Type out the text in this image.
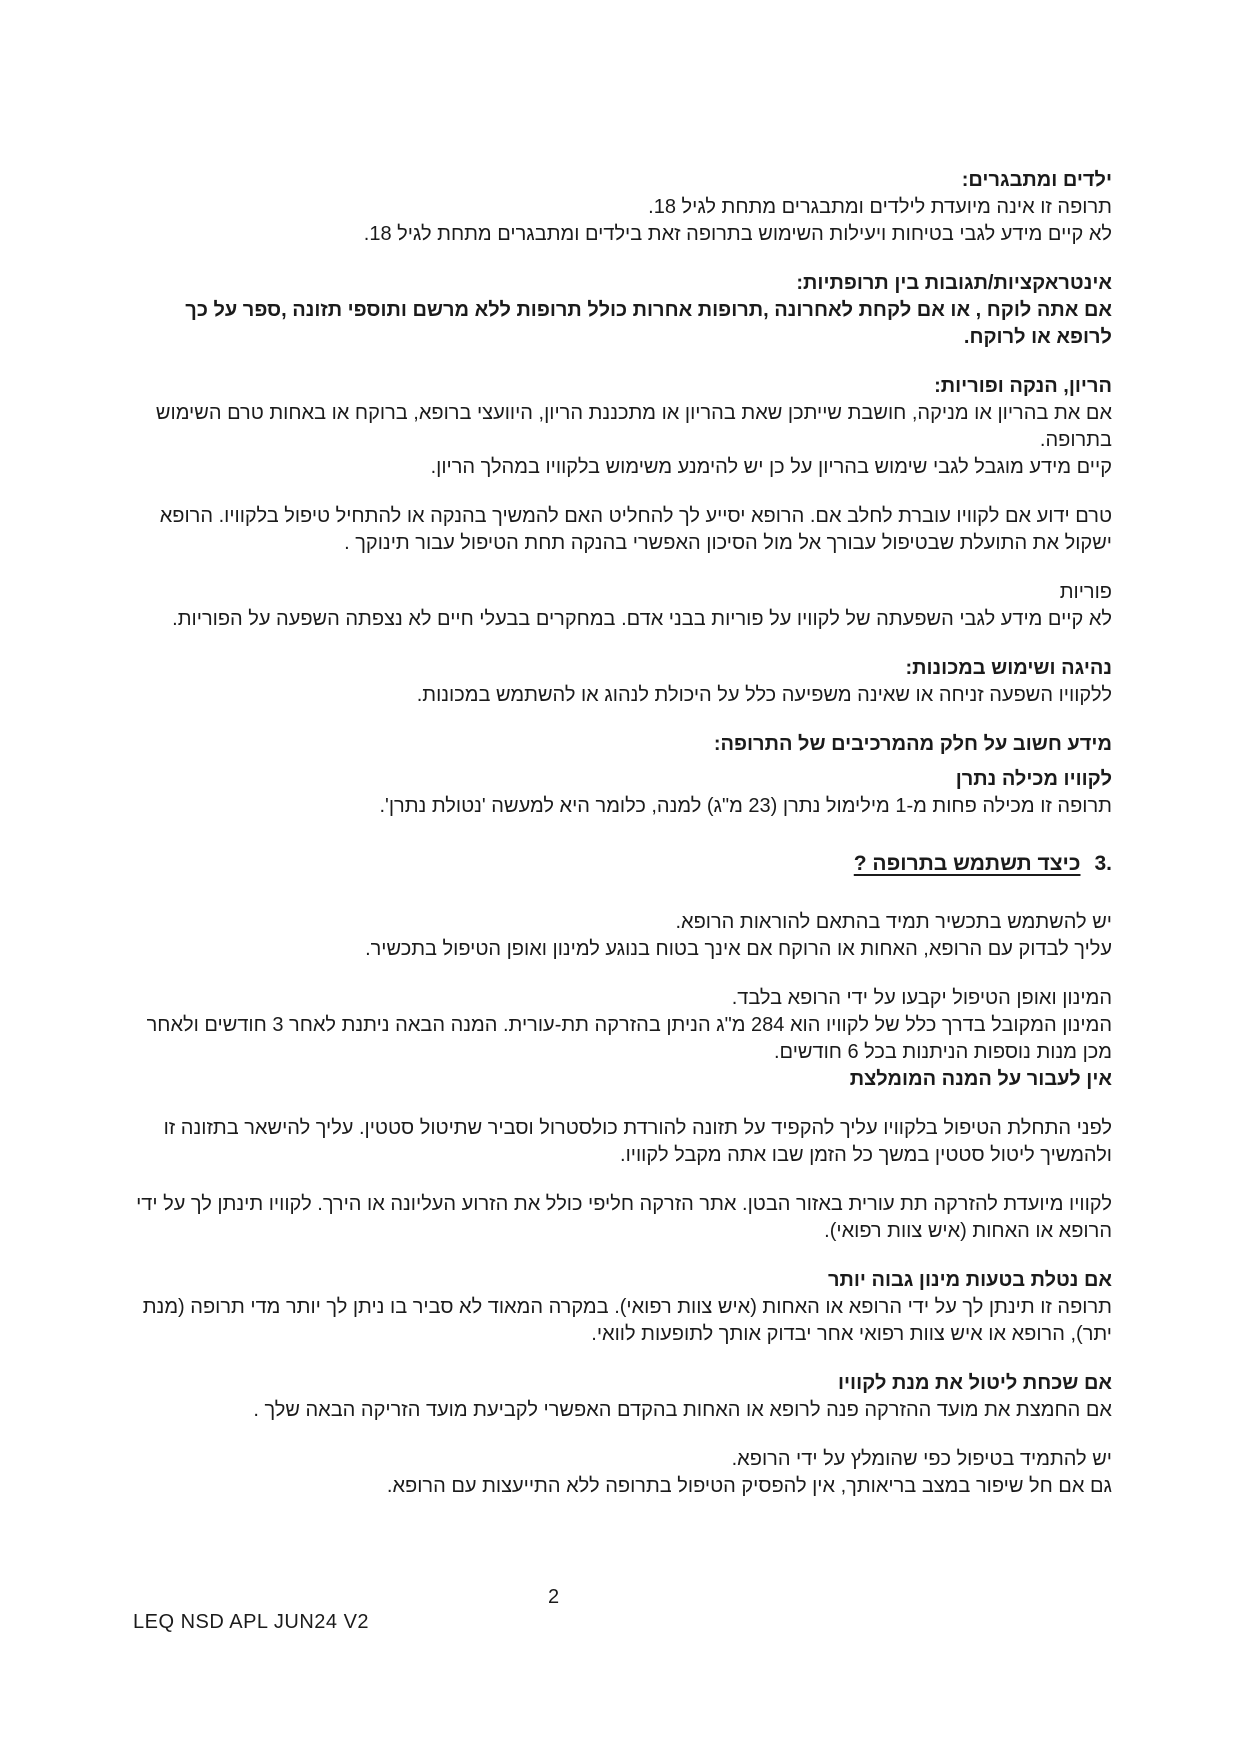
ילדים ומתבגרים:
תרופה זו אינה מיועדת לילדים ומתבגרים מתחת לגיל 18.
לא קיים מידע לגבי בטיחות ויעילות השימוש בתרופה זאת בילדים ומתבגרים מתחת לגיל 18.
אינטראקציות/תגובות בין תרופתיות:
אם אתה לוקח , או אם לקחת לאחרונה ,תרופות אחרות כולל תרופות ללא מרשם ותוספי תזונה ,ספר על כך לרופא או לרוקח.
הריון, הנקה ופוריות:
אם את בהריון או מניקה, חושבת שייתכן שאת בהריון או מתכננת הריון, היוועצי ברופא, ברוקח או באחות טרם השימוש בתרופה.
קיים מידע מוגבל לגבי שימוש בהריון על כן יש להימנע משימוש בלקוויו במהלך הריון.
טרם ידוע אם לקוויו עוברת לחלב אם. הרופא יסייע לך להחליט האם להמשיך בהנקה או להתחיל טיפול בלקוויו. הרופא ישקול את התועלת שבטיפול עבורך אל מול הסיכון האפשרי בהנקה תחת הטיפול עבור תינוקך .
פוריות
לא קיים מידע לגבי השפעתה של לקוויו על פוריות בבני אדם. במחקרים בבעלי חיים לא נצפתה השפעה על הפוריות.
נהיגה ושימוש במכונות:
ללקוויו השפעה זניחה או שאינה משפיעה כלל על היכולת לנהוג או להשתמש במכונות.
מידע חשוב על חלק מהמרכיבים של התרופה:
לקוויו מכילה נתרן
תרופה זו מכילה פחות מ-1 מילימול נתרן (23 מ"ג) למנה, כלומר היא למעשה 'נטולת נתרן'.
3.כיצד תשתמש בתרופה ?
יש להשתמש בתכשיר תמיד בהתאם להוראות הרופא.
עליך לבדוק עם הרופא, האחות או הרוקח אם אינך בטוח בנוגע למינון ואופן הטיפול בתכשיר.
המינון ואופן הטיפול יקבעו על ידי הרופא בלבד.
המינון המקובל בדרך כלל של לקוויו הוא 284 מ"ג הניתן בהזרקה תת-עורית. המנה הבאה ניתנת לאחר 3 חודשים ולאחר מכן מנות נוספות הניתנות בכל 6 חודשים.
אין לעבור על המנה המומלצת
לפני התחלת הטיפול בלקוויו עליך להקפיד על תזונה להורדת כולסטרול וסביר שתיטול סטטין. עליך להישאר בתזונה זו ולהמשיך ליטול סטטין במשך כל הזמן שבו אתה מקבל לקוויו.
לקוויו מיועדת להזרקה תת עורית באזור הבטן. אתר הזרקה חליפי כולל את הזרוע העליונה או הירך. לקוויו תינתן לך על ידי הרופא או האחות (איש צוות רפואי).
אם נטלת בטעות מינון גבוה יותר
תרופה זו תינתן לך על ידי הרופא או האחות (איש צוות רפואי). במקרה המאוד לא סביר בו ניתן לך יותר מדי תרופה (מנת יתר), הרופא או איש צוות רפואי אחר יבדוק אותך לתופעות לוואי.
אם שכחת ליטול את מנת לקוויו
אם החמצת את מועד ההזרקה פנה לרופא או האחות בהקדם האפשרי לקביעת מועד הזריקה הבאה שלך .
יש להתמיד בטיפול כפי שהומלץ על ידי הרופא.
גם אם חל שיפור במצב בריאותך, אין להפסיק הטיפול בתרופה ללא התייעצות עם הרופא.
2
LEQ NSD APL JUN24 V2
